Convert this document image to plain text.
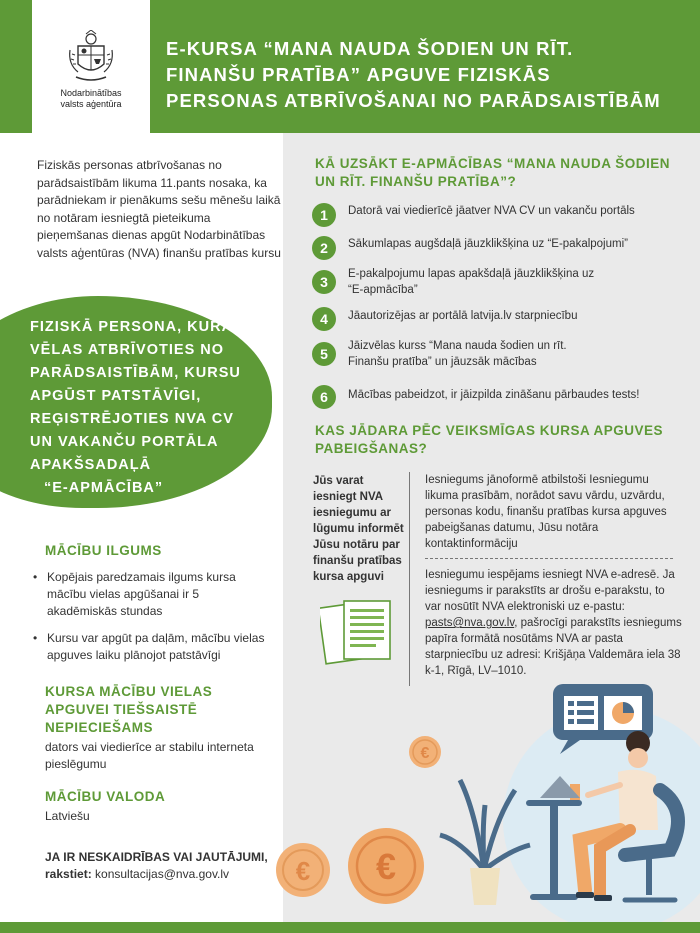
Nodarbinātības
valsts aģentūra
E-KURSA “MANA NAUDA ŠODIEN UN RĪT.
FINANŠU PRATĪBA” APGUVE FIZISKĀS
PERSONAS ATBRĪVOŠANAI NO PARĀDSAISTĪBĀM

Fiziskās personas atbrīvošanas no parādsaistībām likuma 11.pants nosaka, ka parādniekam ir pienākums sešu mēnešu laikā no notāram iesniegtā pieteikuma pieņemšanas dienas apgūt Nodarbinātības valsts aģentūras (NVA) finanšu pratības kursu

FIZISKĀ PERSONA, KURA
VĒLAS ATBRĪVOTIES NO
PARĀDSAISTĪBĀM, KURSU
APGŪST PATSTĀVĪGI,
REĢISTRĒJOTIES NVA CV
UN VAKANČU PORTĀLA
APAKŠSADAĻĀ
“E-APMĀCĪBA”
MĀCĪBU ILGUMS
• Kopējais paredzamais ilgums kursa mācību vielas apgūšanai ir 5 akadēmiskās stundas
• Kursu var apgūt pa daļām, mācību vielas apguves laiku plānojot patstāvīgi
KURSA MĀCĪBU VIELAS
APGUVEI TIEŠSAISTĒ
NEPIECIEŠAMS

dators vai viedierīce ar stabilu interneta pieslēgumu

MĀCĪBU VALODA

Latviešu

JA IR NESKAIDRĪBAS VAI JAUTĀJUMI, rakstiet: konsultacijas@nva.gov.lv
KĀ UZSĀKT E-APMĀCĪBAS “MANA NAUDA ŠODIEN
UN RĪT. FINANŠU PRATĪBA”?
1	Datorā vai viedierīcē jāatver NVA CV un vakanču portāls
2	Sākumlapas augšdaļā jāuzklikšķina uz “E-pakalpojumi”
3	E-pakalpojumu lapas apakšdaļā jāuzklikšķina uz “E-apmācība”
4	Jāautorizējas ar portālā latvija.lv starpniecību
5	Jāizvēlas kurss “Mana nauda šodien un rīt. Finanšu pratība” un jāuzsāk mācības
6	Mācības pabeidzot, ir jāizpilda zināšanu pārbaudes tests!
KAS JĀDARA PĒC VEIKSMĪGAS KURSA APGUVES
PABEIGŠANAS?

Jūs varat iesniegt NVA iesniegumu ar lūgumu informēt Jūsu notāru par finanšu pratības kursa apguvi

Iesniegums jānoformē atbilstoši Iesniegumu likuma prasībām, norādot savu vārdu, uzvārdu, personas kodu, finanšu pratības kursa apguves pabeigšanas datumu, Jūsu notāra kontaktinformāciju

Iesniegumu iespējams iesniegt NVA e-adresē. Ja iesniegums ir parakstīts ar drošu e-parakstu, to var nosūtīt NVA elektroniski uz e-pastu: pasts@nva.gov.lv, pašrocīgi parakstīts iesniegums papīra formātā nosūtāms NVA ar pasta starpniecību uz adresi: Krišjāņa Valdemāra iela 38 k-1, Rīgā, LV–1010.

€ €
€
